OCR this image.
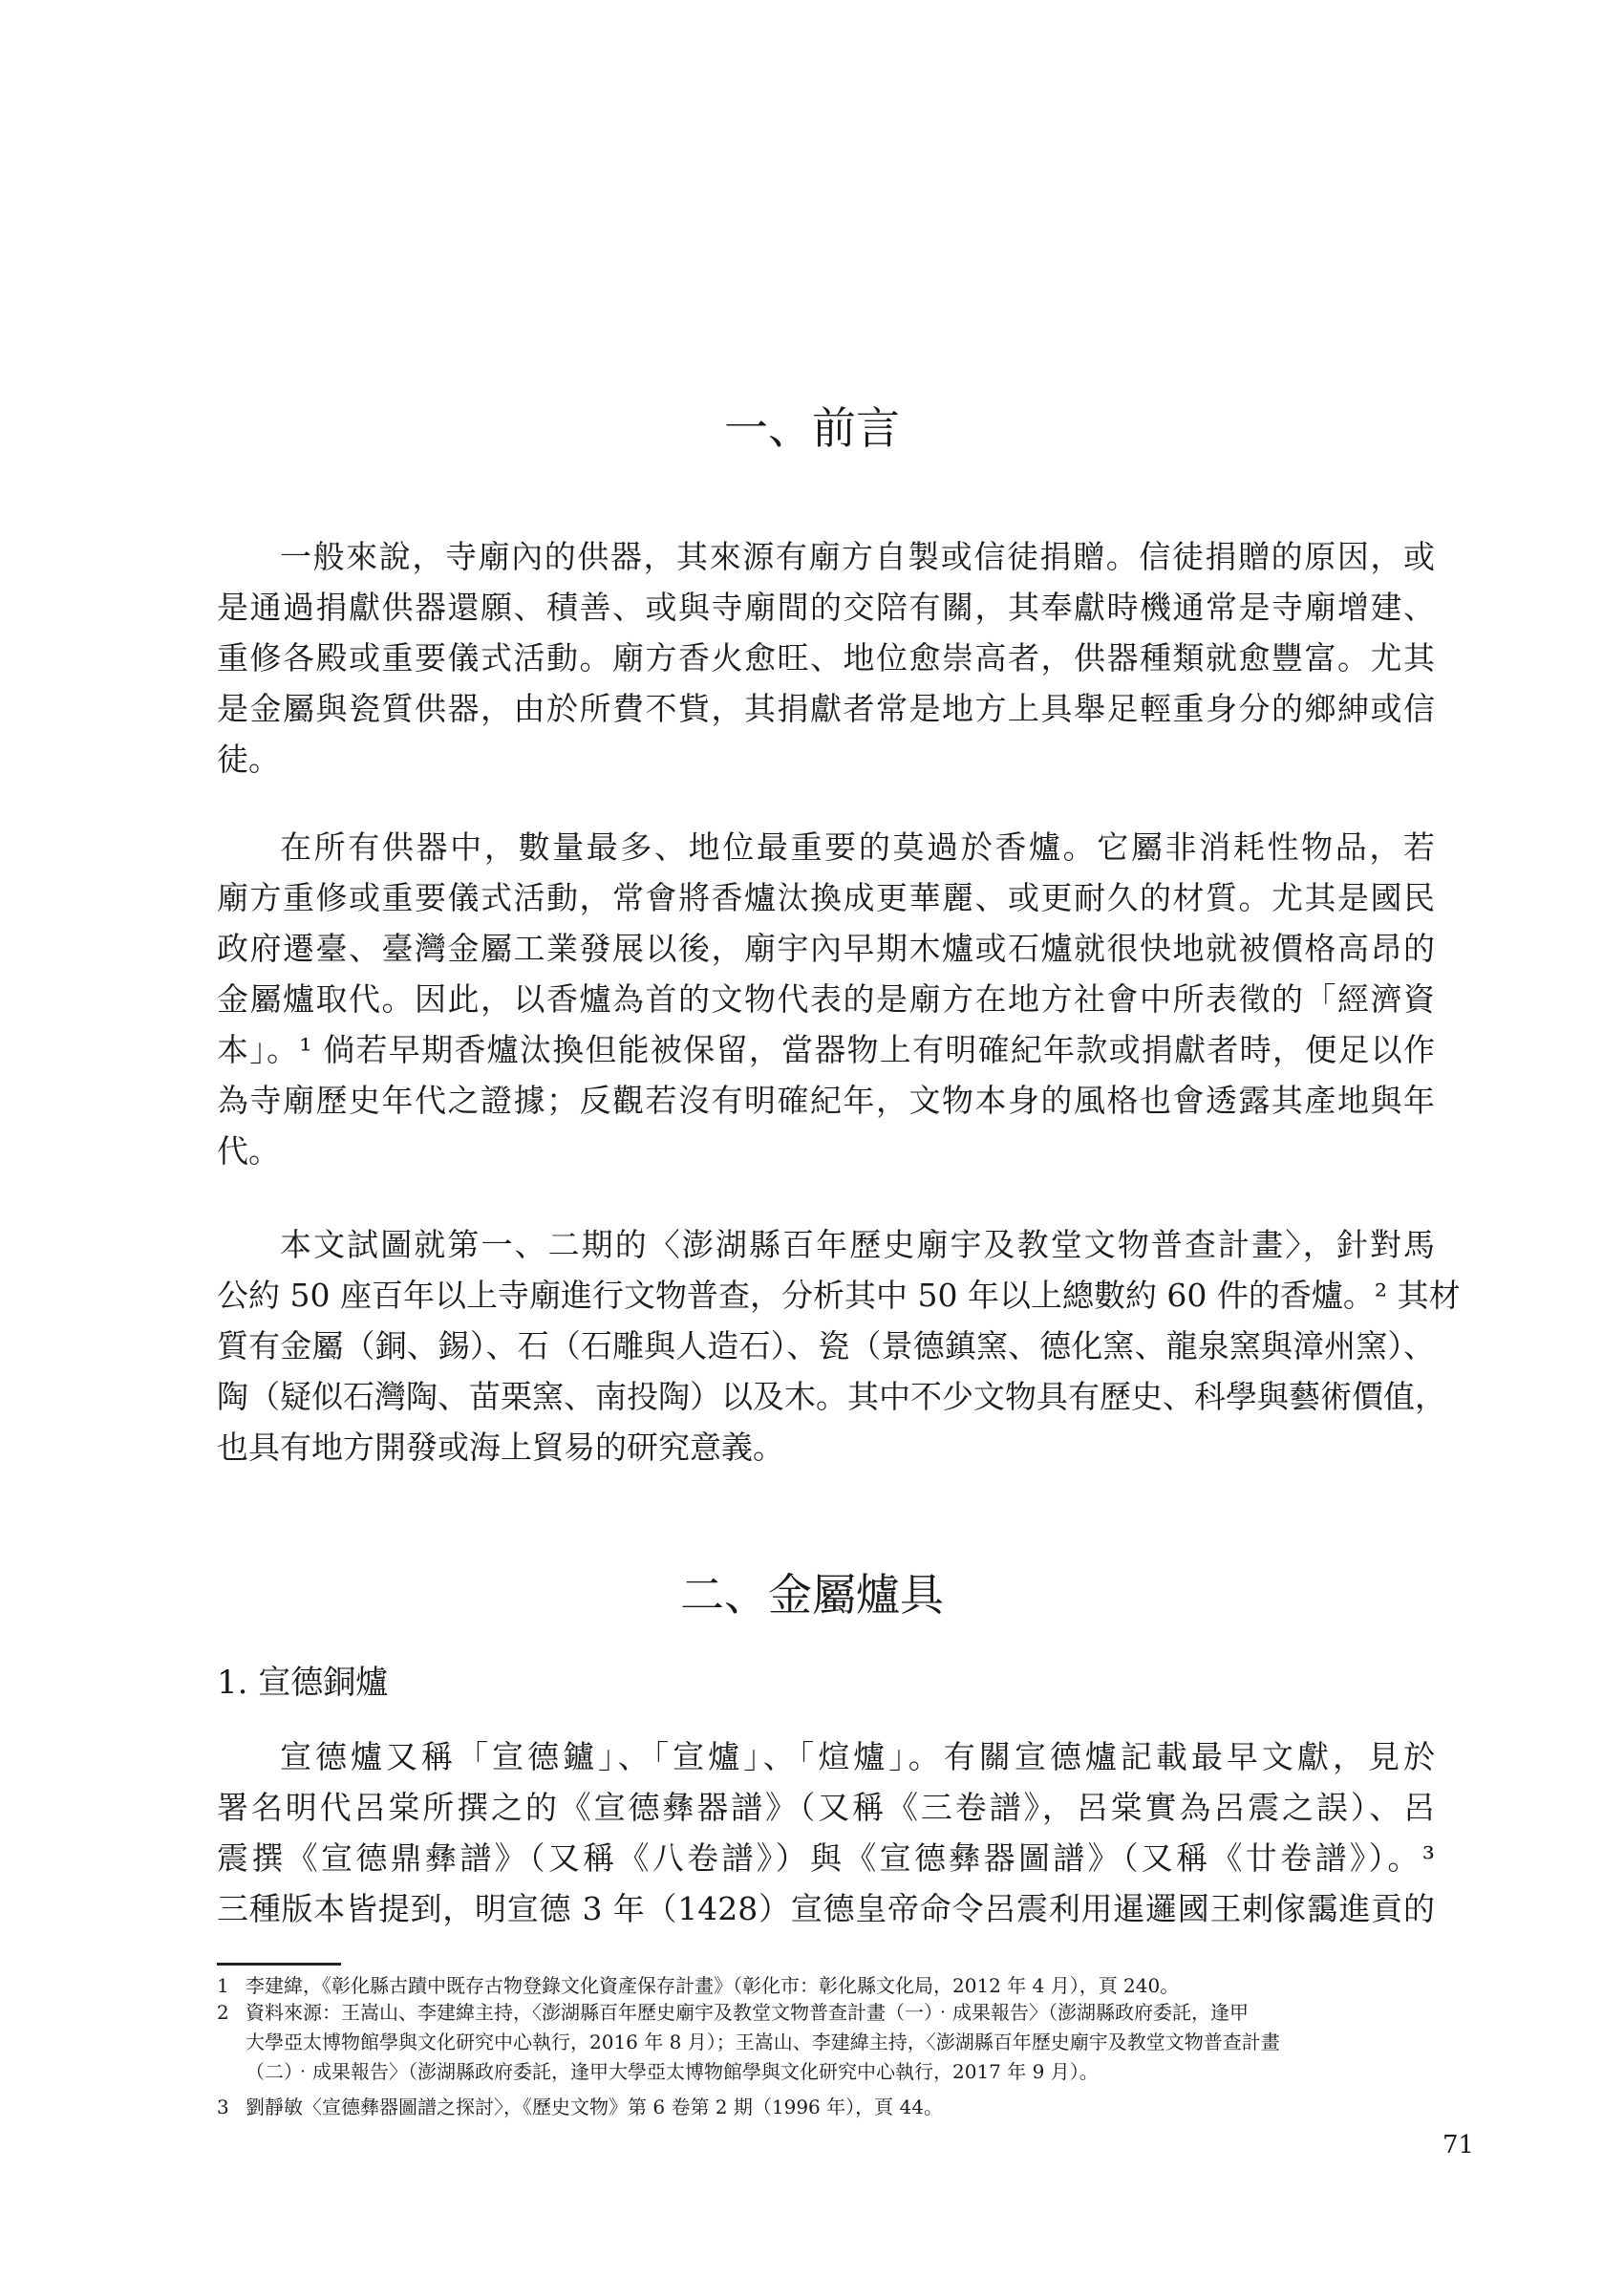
一、前言
一般來說，寺廟內的供器，其來源有廟方自製或信徒捐贈。信徒捐贈的原因，或
是通過捐獻供器還願、積善、或與寺廟間的交陪有關，其奉獻時機通常是寺廟增建、
重修各殿或重要儀式活動。廟方香火愈旺、地位愈崇高者，供器種類就愈豐富。尤其
是金屬與瓷質供器，由於所費不貲，其捐獻者常是地方上具舉足輕重身分的鄉紳或信
徒。
在所有供器中，數量最多、地位最重要的莫過於香爐。它屬非消耗性物品，若
廟方重修或重要儀式活動，常會將香爐汰換成更華麗、或更耐久的材質。尤其是國民
政府遷臺、臺灣金屬工業發展以後，廟宇內早期木爐或石爐就很快地就被價格高昂的
金屬爐取代。因此，以香爐為首的文物代表的是廟方在地方社會中所表徵的「經濟資
本」。¹ 倘若早期香爐汰換但能被保留，當器物上有明確紀年款或捐獻者時，便足以作
為寺廟歷史年代之證據；反觀若沒有明確紀年，文物本身的風格也會透露其產地與年
代。
本文試圖就第一、二期的〈澎湖縣百年歷史廟宇及教堂文物普查計畫〉，針對馬
公約 50 座百年以上寺廟進行文物普查，分析其中 50 年以上總數約 60 件的香爐。² 其材
質有金屬（銅、錫）、石（石雕與人造石）、瓷（景德鎮窯、德化窯、龍泉窯與漳州窯）、
陶（疑似石灣陶、苗栗窯、南投陶）以及木。其中不少文物具有歷史、科學與藝術價值，
也具有地方開發或海上貿易的研究意義。
二、金屬爐具
1. 宣德銅爐
宣德爐又稱「宣德鑪」、「宣爐」、「煊爐」。有關宣德爐記載最早文獻，見於
署名明代呂棠所撰之的《宣德彝器譜》（又稱《三卷譜》，呂棠實為呂震之誤）、呂
震撰《宣德鼎彝譜》（又稱《八卷譜》）與《宣德彝器圖譜》（又稱《廿卷譜》）。³
三種版本皆提到，明宣德 3 年（1428）宣德皇帝命令呂震利用暹邏國王剌傢靄進貢的
1 李建緯，《彰化縣古蹟中既存古物登錄文化資產保存計畫》（彰化市：彰化縣文化局，2012 年 4 月），頁 240。
2 資料來源：王嵩山、李建緯主持，〈澎湖縣百年歷史廟宇及教堂文物普查計畫（一）‧成果報告〉（澎湖縣政府委託，逢甲
大學亞太博物館學與文化研究中心執行，2016 年 8 月）；王嵩山、李建緯主持，〈澎湖縣百年歷史廟宇及教堂文物普查計畫
（二）‧成果報告〉（澎湖縣政府委託，逢甲大學亞太博物館學與文化研究中心執行，2017 年 9 月）。
3 劉靜敏〈宣德彝器圖譜之探討〉，《歷史文物》第 6 卷第 2 期（1996 年），頁 44。
71
